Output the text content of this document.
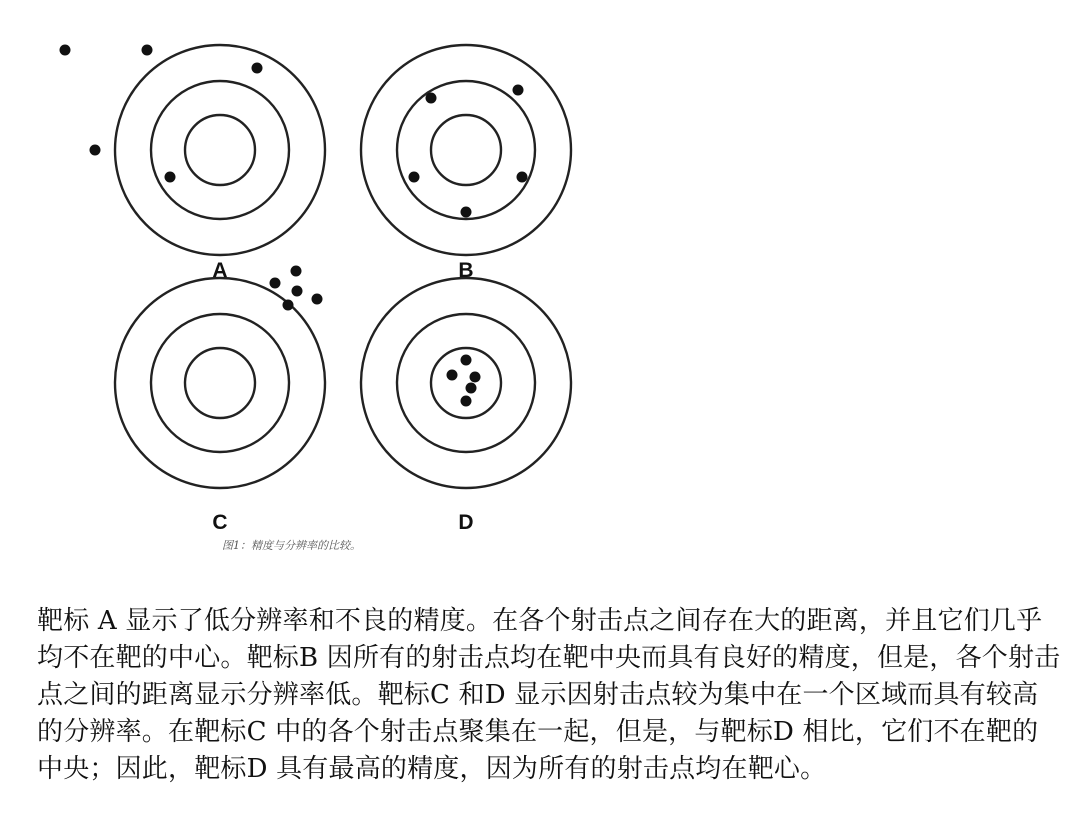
A	B
C	D
图1：精度与分辨率的比较。

靶标 A 显示了低分辨率和不良的精度。在各个射击点之间存在大的距离，并且它们几乎均不在靶的中心。靶标B 因所有的射击点均在靶中央而具有良好的精度，但是，各个射击点之间的距离显示分辨率低。靶标C 和D 显示因射击点较为集中在一个区域而具有较高的分辨率。在靶标C 中的各个射击点聚集在一起，但是，与靶标D 相比，它们不在靶的中央；因此，靶标D 具有最高的精度，因为所有的射击点均在靶心。
